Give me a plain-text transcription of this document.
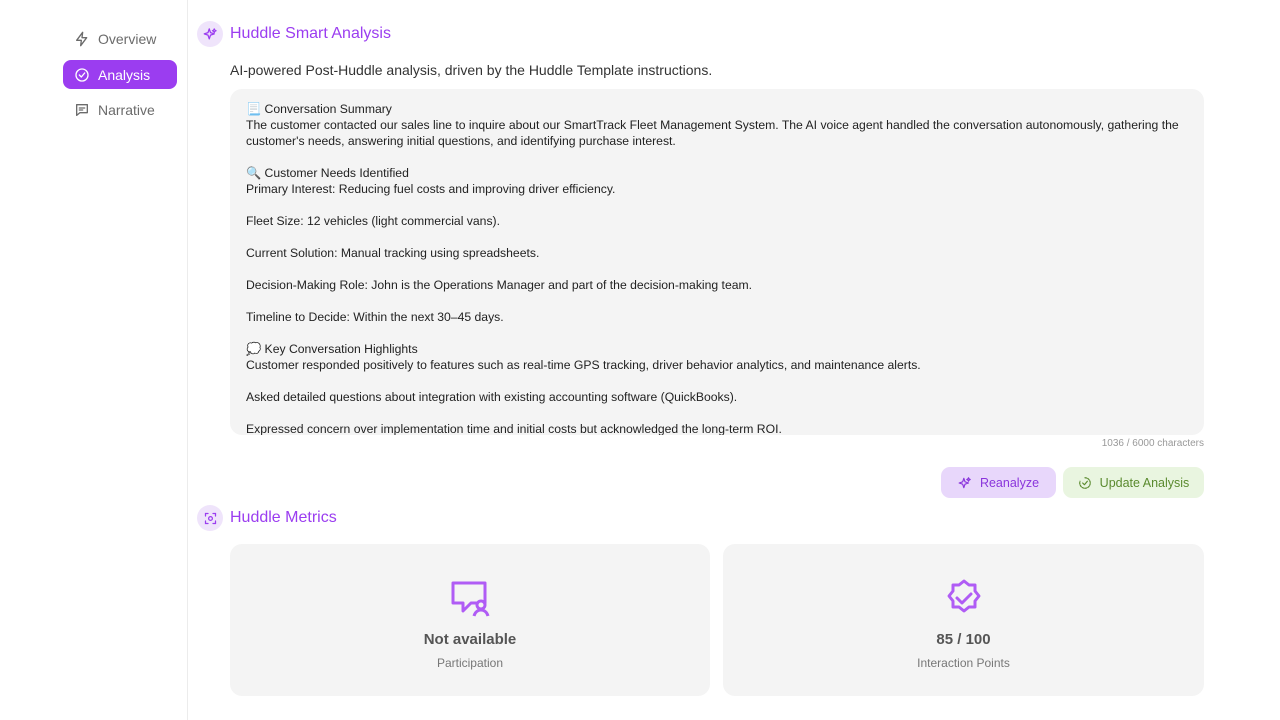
Overview
Analysis
Narrative
Huddle Smart Analysis
AI-powered Post-Huddle analysis, driven by the Huddle Template instructions.

📃 Conversation Summary

The customer contacted our sales line to inquire about our SmartTrack Fleet Management System. The AI voice agent handled the conversation autonomously, gathering the customer's needs, answering initial questions, and identifying purchase interest.

🔍 Customer Needs Identified

Primary Interest: Reducing fuel costs and improving driver efficiency.

Fleet Size: 12 vehicles (light commercial vans).

Current Solution: Manual tracking using spreadsheets.

Decision-Making Role: John is the Operations Manager and part of the decision-making team.

Timeline to Decide: Within the next 30–45 days.

💭 Key Conversation Highlights

Customer responded positively to features such as real-time GPS tracking, driver behavior analytics, and maintenance alerts.

Asked detailed questions about integration with existing accounting software (QuickBooks).

Expressed concern over implementation time and initial costs but acknowledged the long-term ROI.

1036 / 6000 characters
Reanalyze	Update Analysis
Huddle Metrics
Not available
Participation
85 / 100
Interaction Points
